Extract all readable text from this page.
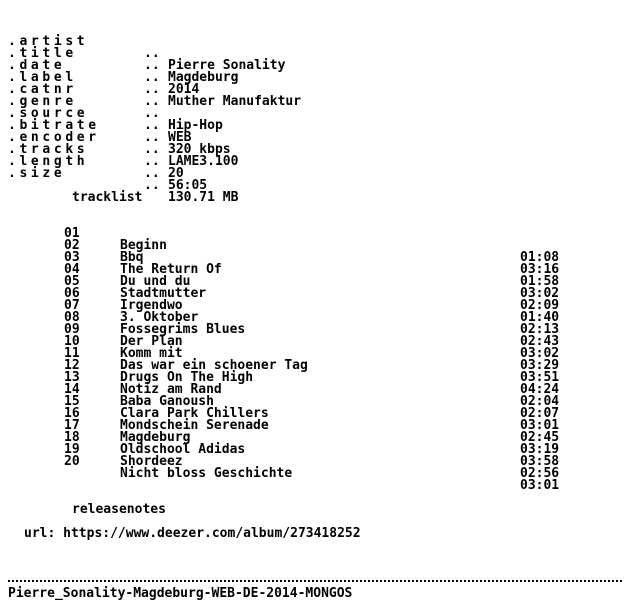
.artist

..

Pierre Sonality

.title

..

Magdeburg

.date

..

2014

.label

..

Muther Manufaktur

.catnr

..

.genre

..

Hip-Hop

.source

..

WEB

.bitrate

..

320 kbps

.encoder

..

LAME3.100

.tracks

..

20

.length

..

56:05

.size

..

130.71 MB

tracklist

01

Beginn

01:08

02

Bbq

03:16

03

The Return Of

01:58

04

Du und du

03:02

05

Stadtmutter

02:09

06

Irgendwo

01:40

07

3. Oktober

02:13

08

Fossegrims Blues

02:43

09

Der Plan

03:02

10

Komm mit

03:29

11

Das war ein schoener Tag

03:51

12

Drugs On The High

04:24

13

Notiz am Rand

02:04

14

Baba Ganoush

02:07

15

Clara Park Chillers

03:01

16

Mondschein Serenade

02:45

17

Magdeburg

03:19

18

Oldschool Adidas

03:58

19

Shordeez

02:56

20

Nicht bloss Geschichte

03:01

releasenotes
url: https://www.deezer.com/album/273418252
Pierre_Sonality-Magdeburg-WEB-DE-2014-MONGOS
